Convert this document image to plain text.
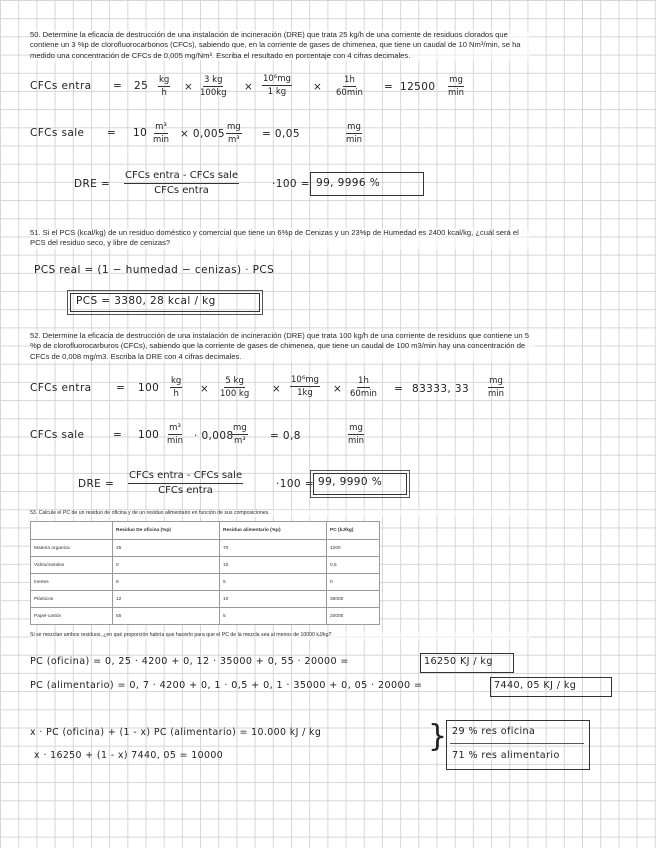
50. Determine la eficacia de destrucción de una instalación de incineración (DRE) que trata 25 kg/h de una corriente de residuos clorados que contiene un 3 %p de clorofluorocarbonos (CFCs), sabiendo que, en la corriente de gases de chimenea, que tiene un caudal de 10 Nm³/min, se ha medido una concentración de CFCs de 0,005 mg/Nm³. Escriba el resultado en porcentaje con 4 cifras decimales.
CFCs entra = $25 \frac{kg}{h} \times \frac{3 kg}{100kg} \times \frac{\text{10⁶mg}}{1 kg}$ ×
1h
60min = 12500
mg
min
CFCs sale = 10 m³
$\min \times 0,005 \frac{mg}{\text{m³}} = 0,05$
mg
min
DRE =
CFCs entra - CFCs sale
CFCs entra
·100 = 99, 9996 %
51. Si el PCS (kcal/kg) de un residuo doméstico y comercial que tiene un 6%p de Cenizas y un 23%p de Humedad es 2400 kcal/kg, ¿cuál será el PCS del residuo seco, y libre de cenizas?
PCS real = (1 − humedad − cenizas) · PCS
PCS = 3380, 28 kcal / kg
52. Determine la eficacia de destrucción de una instalación de incineración (DRE) que trata 100 kg/h de una corriente de residuos que contiene un 5 %p de clorofluorocarburos (CFCs), sabiendo que la corriente de gases de chimenea, que tiene un caudal de 100 m3/min hay una concentración de CFCs de 0,008 mg/m3. Escriba la DRE con 4 cifras decimales.
CFCs entra = $100 \frac{kg}{h} \times \frac{5 kg}{100 kg} \times \frac{\text{10⁶mg}}{1kg}$ ×
1h
60min = 83333, 33
mg
min
CFCs sale	= 100
m³
min · 0,008
$\frac{mg}{\text{m³}} = 0,8$
mg
min
DRE =
CFCs entra - CFCs sale
CFCs entra
·100 = 99, 9990 %
53. Calcule el PC de un residuo de oficina y de un residuo alimentario en función de sus composiciones.
	Residuo De oficina (%p)	Residuo alimentario (%p)	PC (kJ/kg)
Materia organica	25	70	4200
Vidrio/metales	0	10	0,5
Inertes	8	5	0
Plásticos	12	10	35000
Papel-cartón	55	5	20000
Si se mezclan ambos residuos, ¿en qué proporción habría que hacerlo para que el PC de la mezcla sea al menos de 10000 kJ/kg?
PC (oficina) = 0, 25 · 4200 + 0, 12 · 35000 + 0, 55 · 20000 =	16250 KJ / kg
PC (alimentario) = 0, 7 · 4200 + 0, 1 · 0,5 + 0, 1 · 35000 + 0, 05 · 20000 =	7440, 05 KJ / kg
x · PC (oficina) + (1 - x) PC (alimentario) = 10.000 kJ / kg
x · 16250 + (1 - x) 7440, 05 = 10000
} 29 % res oficina
71 % res alimentario
